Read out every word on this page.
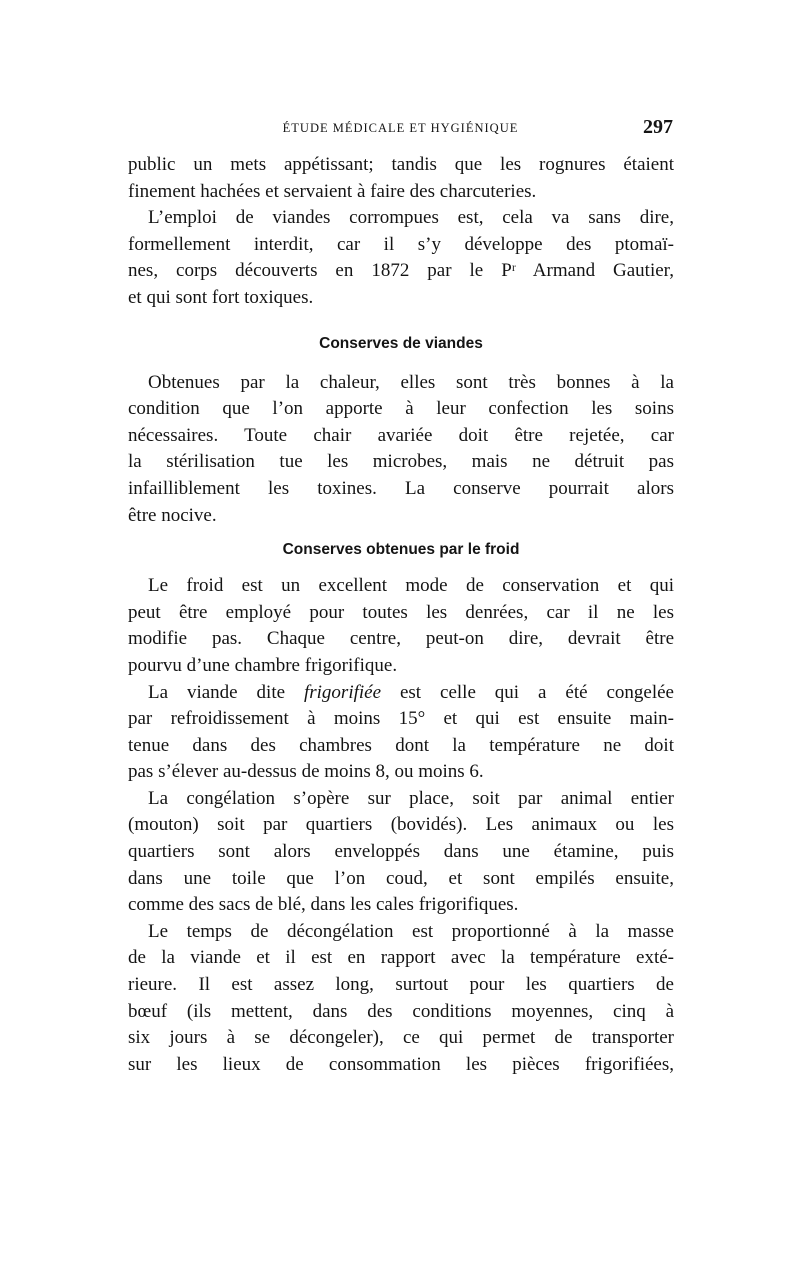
ÉTUDE MÉDICALE ET HYGIÉNIQUE	297
public un mets appétissant; tandis que les rognures étaient
finement hachées et servaient à faire des charcuteries.
L’emploi de viandes corrompues est, cela va sans dire,
formellement interdit, car il s’y développe des ptomaï-
nes, corps découverts en 1872 par le Pʳ Armand Gautier,
et qui sont fort toxiques.
Conserves de viandes
Obtenues par la chaleur, elles sont très bonnes à la
condition que l’on apporte à leur confection les soins
nécessaires. Toute chair avariée doit être rejetée, car
la stérilisation tue les microbes, mais ne détruit pas
infailliblement les toxines. La conserve pourrait alors
être nocive.
Conserves obtenues par le froid
Le froid est un excellent mode de conservation et qui
peut être employé pour toutes les denrées, car il ne les
modifie pas. Chaque centre, peut-on dire, devrait être
pourvu d’une chambre frigorifique.
La viande dite frigorifiée est celle qui a été congelée
par refroidissement à moins 15° et qui est ensuite main-
tenue dans des chambres dont la température ne doit
pas s’élever au-dessus de moins 8, ou moins 6.
La congélation s’opère sur place, soit par animal entier
(mouton) soit par quartiers (bovidés). Les animaux ou les
quartiers sont alors enveloppés dans une étamine, puis
dans une toile que l’on coud, et sont empilés ensuite,
comme des sacs de blé, dans les cales frigorifiques.
Le temps de décongélation est proportionné à la masse
de la viande et il est en rapport avec la température exté-
rieure. Il est assez long, surtout pour les quartiers de
bœuf (ils mettent, dans des conditions moyennes, cinq à
six jours à se décongeler), ce qui permet de transporter
sur les lieux de consommation les pièces frigorifiées,
